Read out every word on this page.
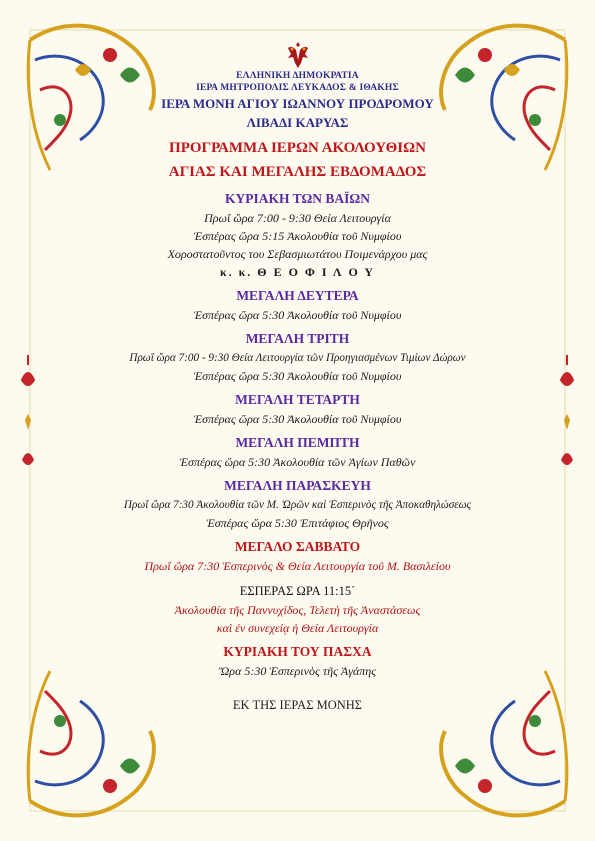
ΕΛΛΗΝΙΚΗ ΔΗΜΟΚΡΑΤΙΑ
ΙΕΡΑ ΜΗΤΡΟΠΟΛΙΣ ΛΕΥΚΑΔΟΣ & ΙΘΑΚΗΣ
ΙΕΡΑ ΜΟΝΗ ΑΓΙΟΥ ΙΩΑΝΝΟΥ ΠΡΟΔΡΟΜΟΥ
ΛΙΒΑΔΙ ΚΑΡΥΑΣ
ΠΡΟΓΡΑΜΜΑ ΙΕΡΩΝ ΑΚΟΛΟΥΘΙΩΝ
ΑΓΙΑΣ ΚΑΙ ΜΕΓΑΛΗΣ ΕΒΔΟΜΑΔΟΣ
ΚΥΡΙΑΚΗ ΤΩΝ ΒΑΪΩΝ
Πρωΐ ὥρα 7:00 - 9:30 Θεία Λειτουργία
Ἑσπέρας ὥρα 5:15 Ἀκολουθία τοῦ Νυμφίου
Χοροστατοῦντος του Σεβασμιωτάτου Ποιμενάρχου μας
κ. κ. Θ Ε Ο Φ Ι Λ Ο Υ
ΜΕΓΑΛΗ ΔΕΥΤΕΡΑ
Ἑσπέρας ὥρα 5:30 Ἀκολουθία τοῦ Νυμφίου
ΜΕΓΑΛΗ ΤΡΙΤΗ
Πρωΐ ὥρα 7:00 - 9:30 Θεία Λειτουργία τῶν Προηγιασμένων Τιμίων Δώρων
Ἑσπέρας ὥρα 5:30 Ἀκολουθία τοῦ Νυμφίου
ΜΕΓΑΛΗ ΤΕΤΑΡΤΗ
Ἑσπέρας ὥρα 5:30 Ἀκολουθία τοῦ Νυμφίου
ΜΕΓΑΛΗ ΠΕΜΠΤΗ
Ἑσπέρας ὥρα 5:30 Ἀκολουθία τῶν Ἁγίων Παθῶν
ΜΕΓΑΛΗ ΠΑΡΑΣΚΕΥΗ
Πρωΐ ὥρα 7:30 Ἀκολουθία τῶν Μ. Ὡρῶν καὶ Ἑσπερινὸς τῆς Ἀποκαθηλώσεως
Ἑσπέρας ὥρα 5:30 Ἐπιτάφιος Θρῆνος
ΜΕΓΑΛΟ ΣΑΒΒΑΤΟ
Πρωΐ ὥρα 7:30 Ἑσπερινὸς & Θεία Λειτουργία τοῦ Μ. Βασιλείου
ΕΣΠΕΡΑΣ ΩΡΑ 11:15΄
Ἀκολουθία τῆς Παννυχίδος, Τελετὴ τῆς Ἀναστάσεως
καὶ ἐν συνεχείᾳ ἡ Θεία Λειτουργία
ΚΥΡΙΑΚΗ ΤΟΥ ΠΑΣΧΑ
Ὥρα 5:30 Ἑσπερινὸς τῆς Ἀγάπης
ΕΚ ΤΗΣ ΙΕΡΑΣ ΜΟΝΗΣ
